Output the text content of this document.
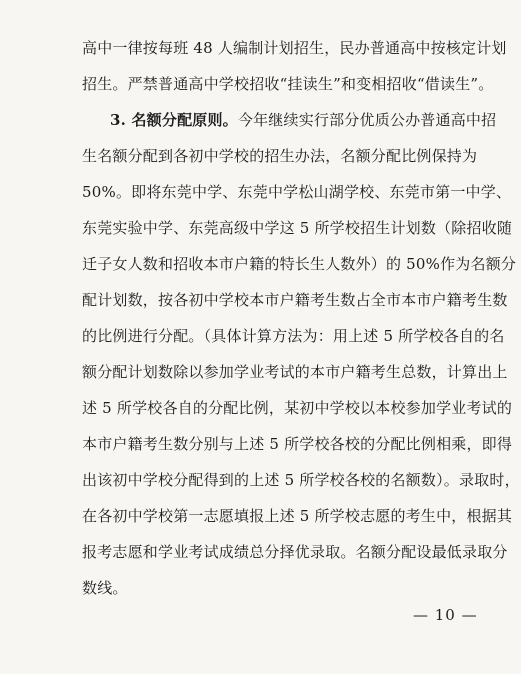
高中一律按每班 48 人编制计划招生，民办普通高中按核定计划
招生。严禁普通高中学校招收“挂读生”和变相招收“借读生”。
3. 名额分配原则。今年继续实行部分优质公办普通高中招
生名额分配到各初中学校的招生办法，名额分配比例保持为
50%。即将东莞中学、东莞中学松山湖学校、东莞市第一中学、
东莞实验中学、东莞高级中学这 5 所学校招生计划数（除招收随
迁子女人数和招收本市户籍的特长生人数外）的 50%作为名额分
配计划数，按各初中学校本市户籍考生数占全市本市户籍考生数
的比例进行分配。（具体计算方法为：用上述 5 所学校各自的名
额分配计划数除以参加学业考试的本市户籍考生总数，计算出上
述 5 所学校各自的分配比例，某初中学校以本校参加学业考试的
本市户籍考生数分别与上述 5 所学校各校的分配比例相乘，即得
出该初中学校分配得到的上述 5 所学校各校的名额数）。录取时，
在各初中学校第一志愿填报上述 5 所学校志愿的考生中，根据其
报考志愿和学业考试成绩总分择优录取。名额分配设最低录取分
数线。
— 10 —
